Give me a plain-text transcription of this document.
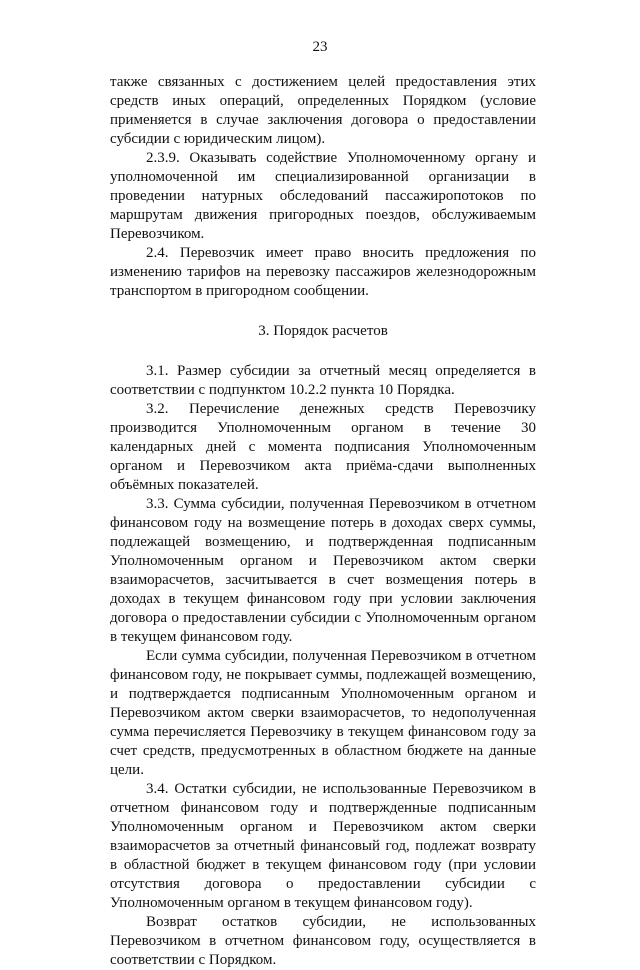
23

также связанных с достижением целей предоставления этих средств иных операций, определенных Порядком (условие применяется в случае заключения договора о предоставлении субсидии с юридическим лицом).

2.3.9. Оказывать содействие Уполномоченному органу и уполномоченной им специализированной организации в проведении натурных обследований пассажиропотоков по маршрутам движения пригородных поездов, обслуживаемым Перевозчиком.

2.4. Перевозчик имеет право вносить предложения по изменению тарифов на перевозку пассажиров железнодорожным транспортом в пригородном сообщении.

3. Порядок расчетов

3.1. Размер субсидии за отчетный месяц определяется в соответствии с подпунктом 10.2.2 пункта 10 Порядка.

3.2. Перечисление денежных средств Перевозчику производится Уполномоченным органом в течение 30 календарных дней с момента подписания Уполномоченным органом и Перевозчиком акта приёма-сдачи выполненных объёмных показателей.

3.3. Сумма субсидии, полученная Перевозчиком в отчетном финансовом году на возмещение потерь в доходах сверх суммы, подлежащей возмещению, и подтвержденная подписанным Уполномоченным органом и Перевозчиком актом сверки взаиморасчетов, засчитывается в счет возмещения потерь в доходах в текущем финансовом году при условии заключения договора о предоставлении субсидии с Уполномоченным органом в текущем финансовом году.

Если сумма субсидии, полученная Перевозчиком в отчетном финансовом году, не покрывает суммы, подлежащей возмещению, и подтверждается подписанным Уполномоченным органом и Перевозчиком актом сверки взаиморасчетов, то недополученная сумма перечисляется Перевозчику в текущем финансовом году за счет средств, предусмотренных в областном бюджете на данные цели.

3.4. Остатки субсидии, не использованные Перевозчиком в отчетном финансовом году и подтвержденные подписанным Уполномоченным органом и Перевозчиком актом сверки взаиморасчетов за отчетный финансовый год, подлежат возврату в областной бюджет в текущем финансовом году (при условии отсутствия договора о предоставлении субсидии с Уполномоченным органом в текущем финансовом году).

Возврат остатков субсидии, не использованных Перевозчиком в отчетном финансовом году, осуществляется в соответствии с Порядком.
